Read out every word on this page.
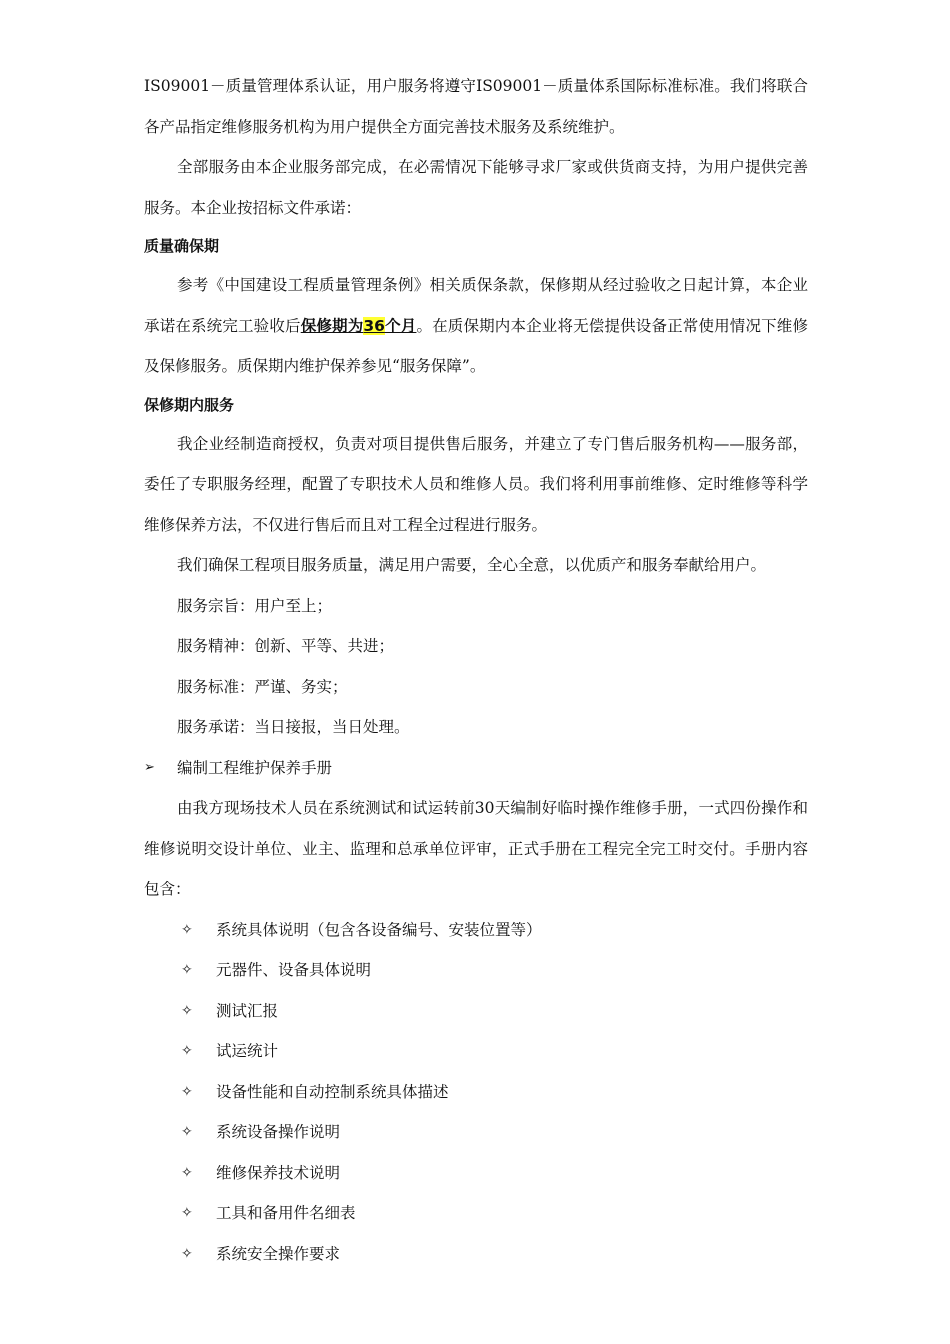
IS09001－质量管理体系认证，用户服务将遵守IS09001－质量体系国际标准标准。我们将联合各产品指定维修服务机构为用户提供全方面完善技术服务及系统维护。

全部服务由本企业服务部完成，在必需情况下能够寻求厂家或供货商支持，为用户提供完善服务。本企业按招标文件承诺：

质量确保期

参考《中国建设工程质量管理条例》相关质保条款，保修期从经过验收之日起计算，本企业承诺在系统完工验收后保修期为36个月。在质保期内本企业将无偿提供设备正常使用情况下维修及保修服务。质保期内维护保养参见“服务保障”。

保修期内服务

我企业经制造商授权，负责对项目提供售后服务，并建立了专门售后服务机构——服务部，委任了专职服务经理，配置了专职技术人员和维修人员。我们将利用事前维修、定时维修等科学维修保养方法，不仅进行售后而且对工程全过程进行服务。

我们确保工程项目服务质量，满足用户需要，全心全意，以优质产和服务奉献给用户。

服务宗旨：用户至上；

服务精神：创新、平等、共进；

服务标准：严谨、务实；

服务承诺：当日接报，当日处理。

➢	编制工程维护保养手册

由我方现场技术人员在系统测试和试运转前30天编制好临时操作维修手册，一式四份操作和维修说明交设计单位、业主、监理和总承单位评审，正式手册在工程完全完工时交付。手册内容包含：

✧	系统具体说明（包含各设备编号、安装位置等）
✧	元器件、设备具体说明
✧	测试汇报
✧	试运统计
✧	设备性能和自动控制系统具体描述
✧	系统设备操作说明
✧	维修保养技术说明
✧	工具和备用件名细表
✧	系统安全操作要求
